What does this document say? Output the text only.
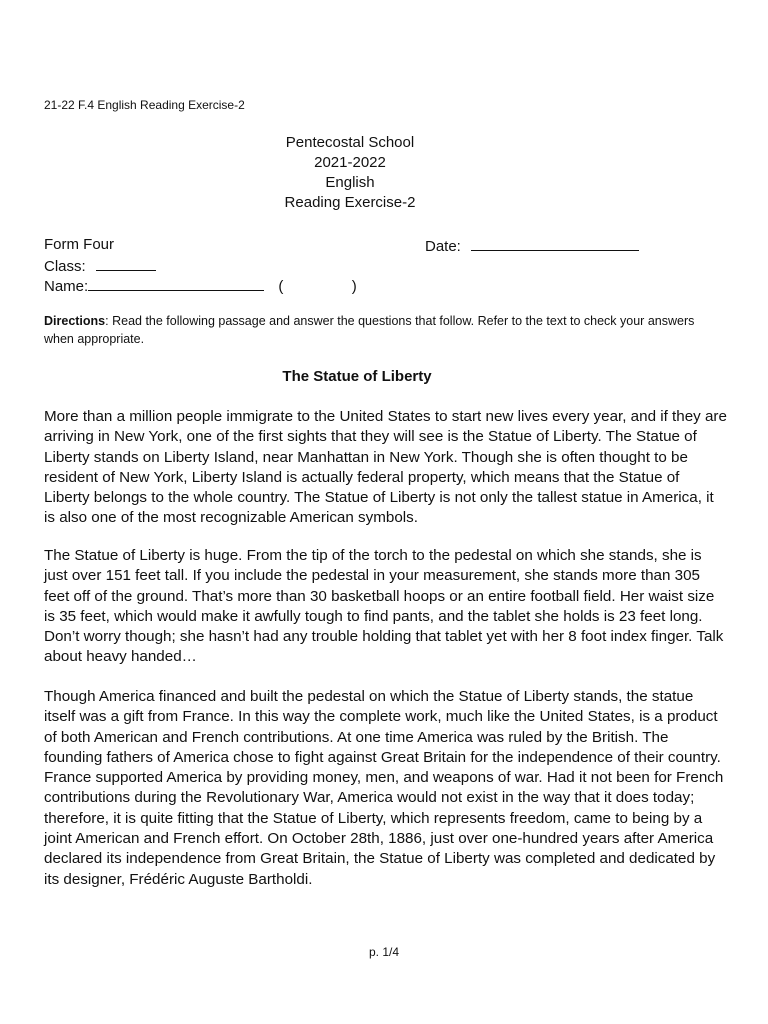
21-22 F.4 English Reading Exercise-2
Pentecostal School
2021-2022
English
Reading Exercise-2
Form Four	Date:
Class:
Name:	(	)
Directions: Read the following passage and answer the questions that follow. Refer to the text to check your answers when appropriate.
The Statue of Liberty

More than a million people immigrate to the United States to start new lives every year, and if they are arriving in New York, one of the first sights that they will see is the Statue of Liberty. The Statue of Liberty stands on Liberty Island, near Manhattan in New York. Though she is often thought to be resident of New York, Liberty Island is actually federal property, which means that the Statue of Liberty belongs to the whole country. The Statue of Liberty is not only the tallest statue in America, it is also one of the most recognizable American symbols.

The Statue of Liberty is huge. From the tip of the torch to the pedestal on which she stands, she is just over 151 feet tall. If you include the pedestal in your measurement, she stands more than 305 feet off of the ground. That’s more than 30 basketball hoops or an entire football field. Her waist size is 35 feet, which would make it awfully tough to find pants, and the tablet she holds is 23 feet long. Don’t worry though; she hasn’t had any trouble holding that tablet yet with her 8 foot index finger. Talk about heavy handed…

Though America financed and built the pedestal on which the Statue of Liberty stands, the statue itself was a gift from France. In this way the complete work, much like the United States, is a product of both American and French contributions. At one time America was ruled by the British. The founding fathers of America chose to fight against Great Britain for the independence of their country. France supported America by providing money, men, and weapons of war. Had it not been for French contributions during the Revolutionary War, America would not exist in the way that it does today; therefore, it is quite fitting that the Statue of Liberty, which represents freedom, came to being by a joint American and French effort. On October 28th, 1886, just over one-hundred years after America declared its independence from Great Britain, the Statue of Liberty was completed and dedicated by its designer, Frédéric Auguste Bartholdi.

p. 1/4
